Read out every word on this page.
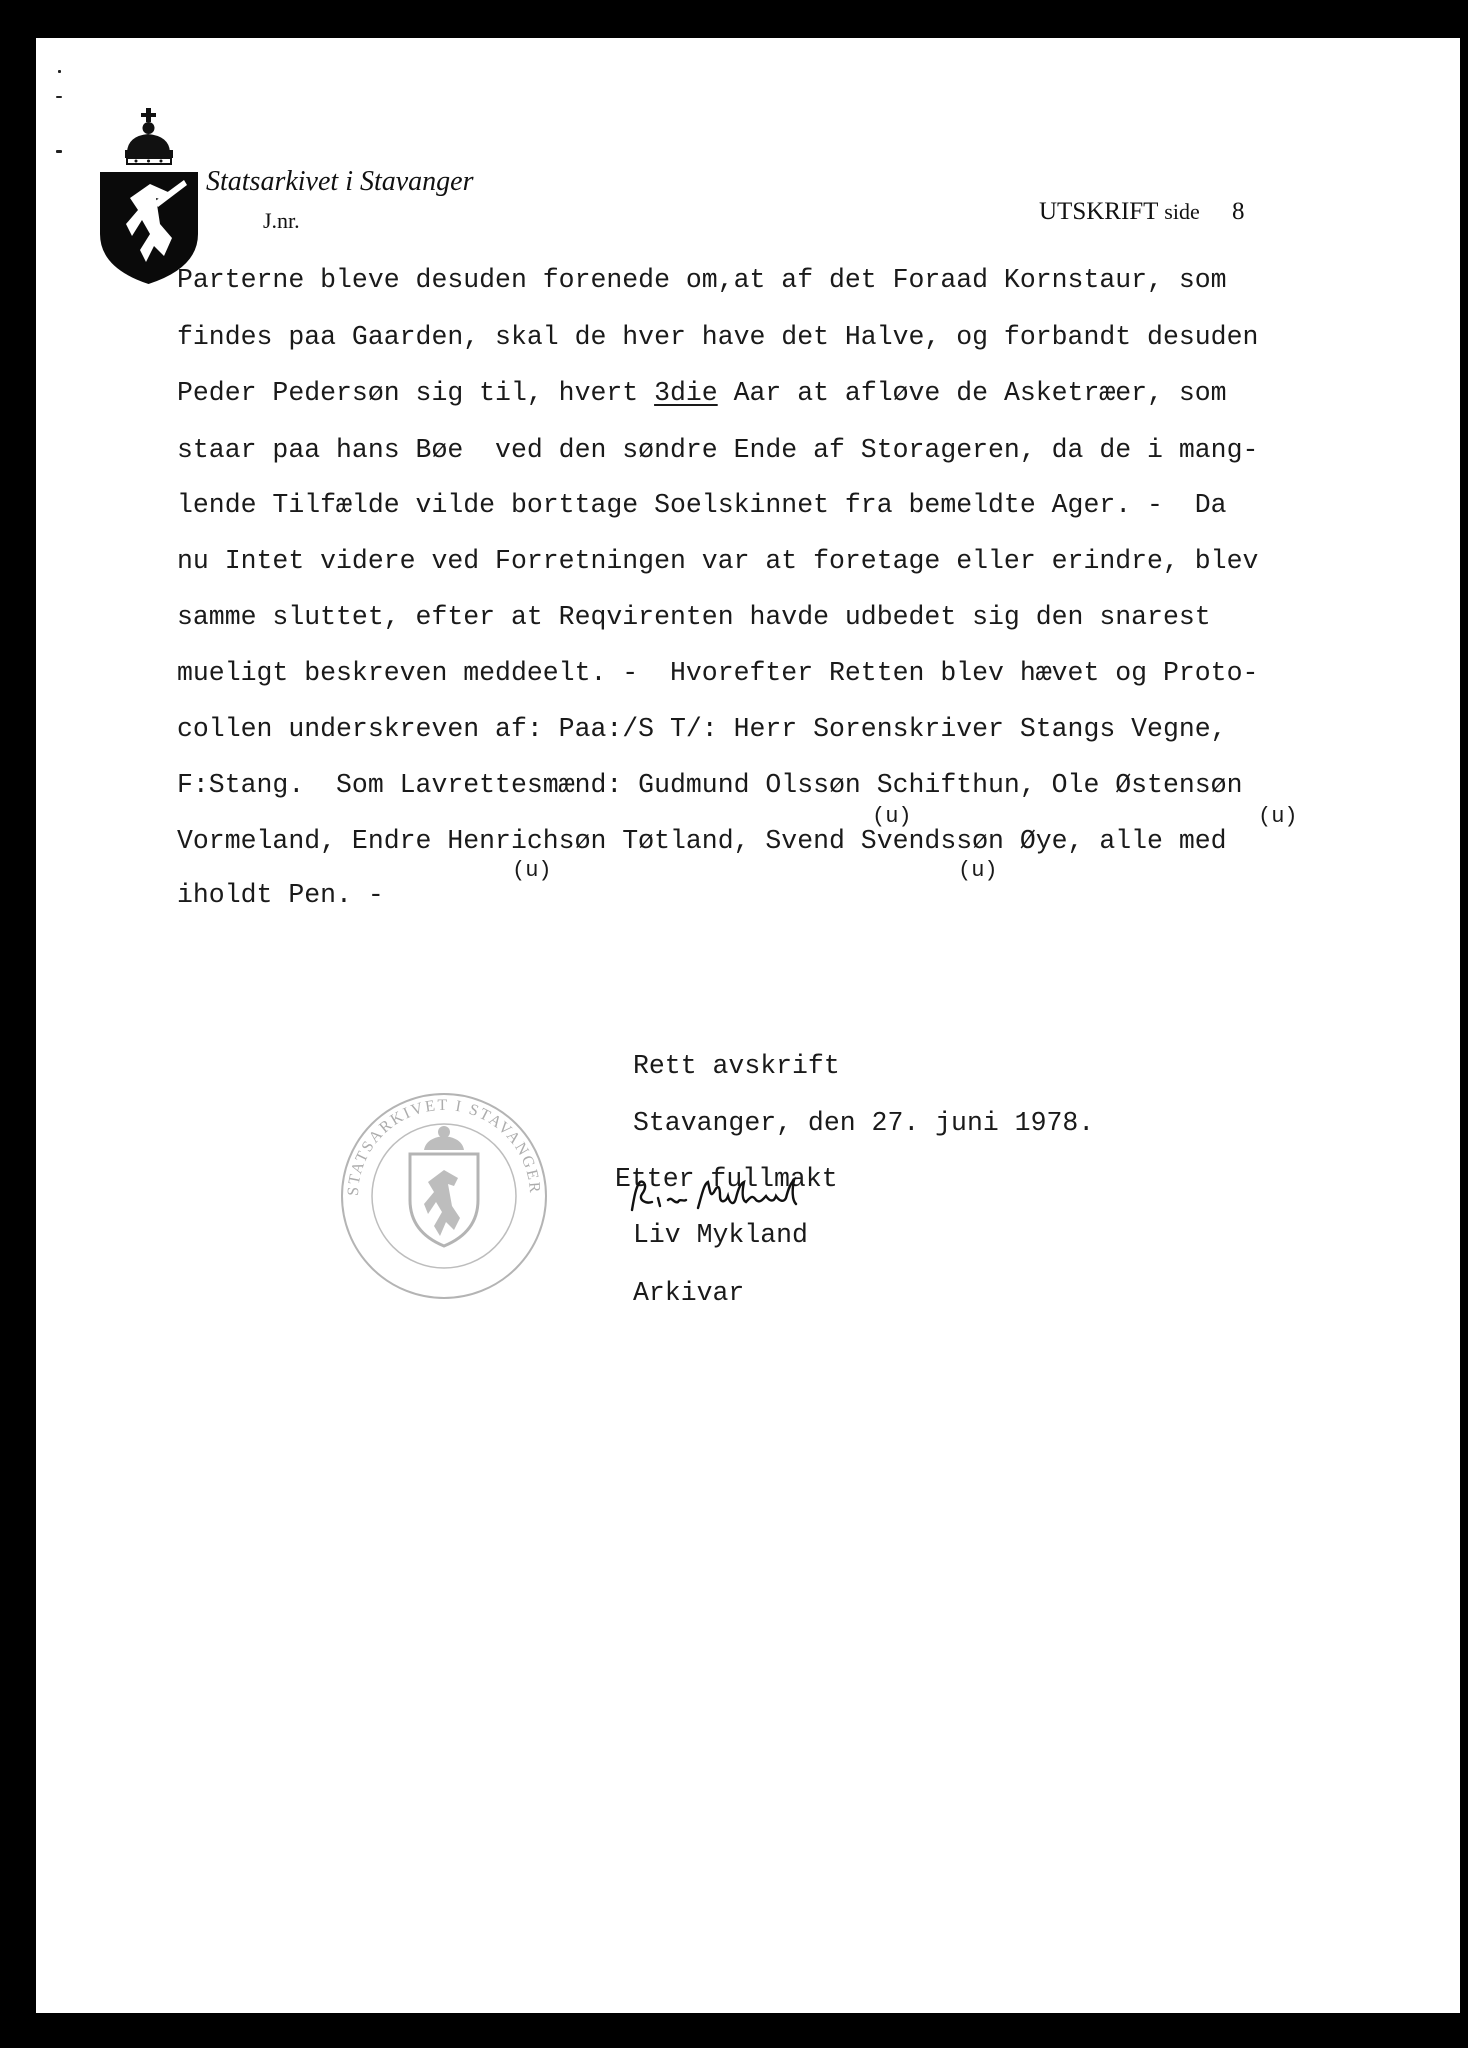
Statsarkivet i Stavanger
J.nr.	UTSKRIFT side 8
Parterne bleve desuden forenede om,at af det Foraad Kornstaur, som
findes paa Gaarden, skal de hver have det Halve, og forbandt desuden
Peder Pedersøn sig til, hvert 3die Aar at afløve de Asketræer, som
staar paa hans Bøe  ved den søndre Ende af Storageren, da de i mang-
lende Tilfælde vilde borttage Soelskinnet fra bemeldte Ager. -  Da
nu Intet videre ved Forretningen var at foretage eller erindre, blev
samme sluttet, efter at Reqvirenten havde udbedet sig den snarest
mueligt beskreven meddeelt. -  Hvorefter Retten blev hævet og Proto-
collen underskreven af: Paa:/S T/: Herr Sorenskriver Stangs Vegne,
F:Stang.  Som Lavrettesmænd: Gudmund Olssøn Schifthun, Ole Østensøn
Vormeland, Endre Henrichsøn Tøtland, Svend Svendssøn Øye, alle med
iholdt Pen. -
(u)	(u)
(u)	(u)
Rett avskrift
Stavanger, den 27. juni 1978.
Etter fullmakt
Liv Mykland
Arkivar
STATSARKIVET I STAVANGER
